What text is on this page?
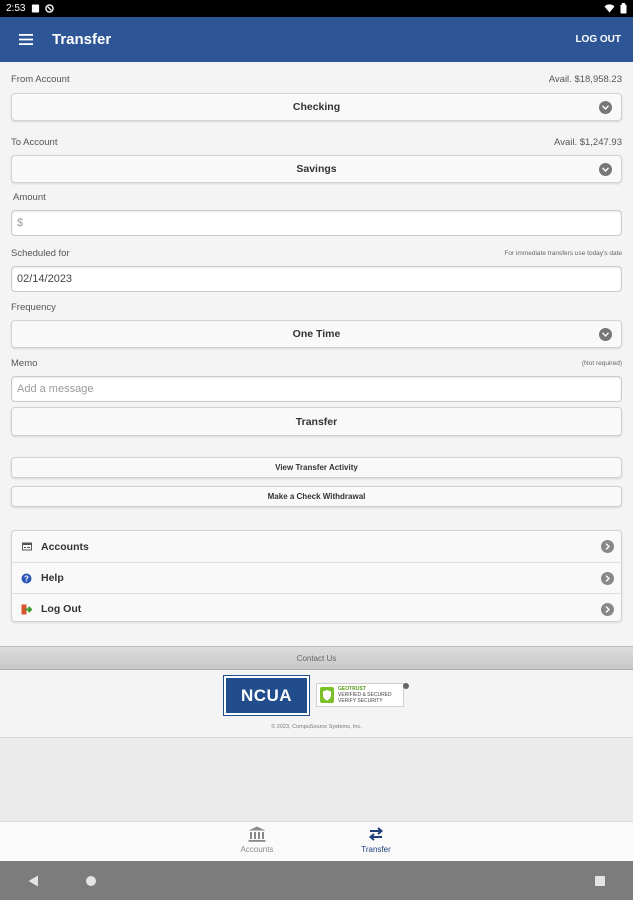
2:53
Transfer	LOG OUT
From Account	Avail. $18,958.23
Checking
To Account	Avail. $1,247.93
Savings
Amount
$
Scheduled for	For immediate transfers use today's date
02/14/2023
Frequency
One Time
Memo	(Not required)
Add a message
Transfer
View Transfer Activity
Make a Check Withdrawal
Accounts
? Help
Log Out
Contact Us
NCUA	GEOTRUST
VERIFIED & SECURED
VERIFY SECURITY
© 2023, CompuSource Systems, Inc.
Accounts	Transfer
